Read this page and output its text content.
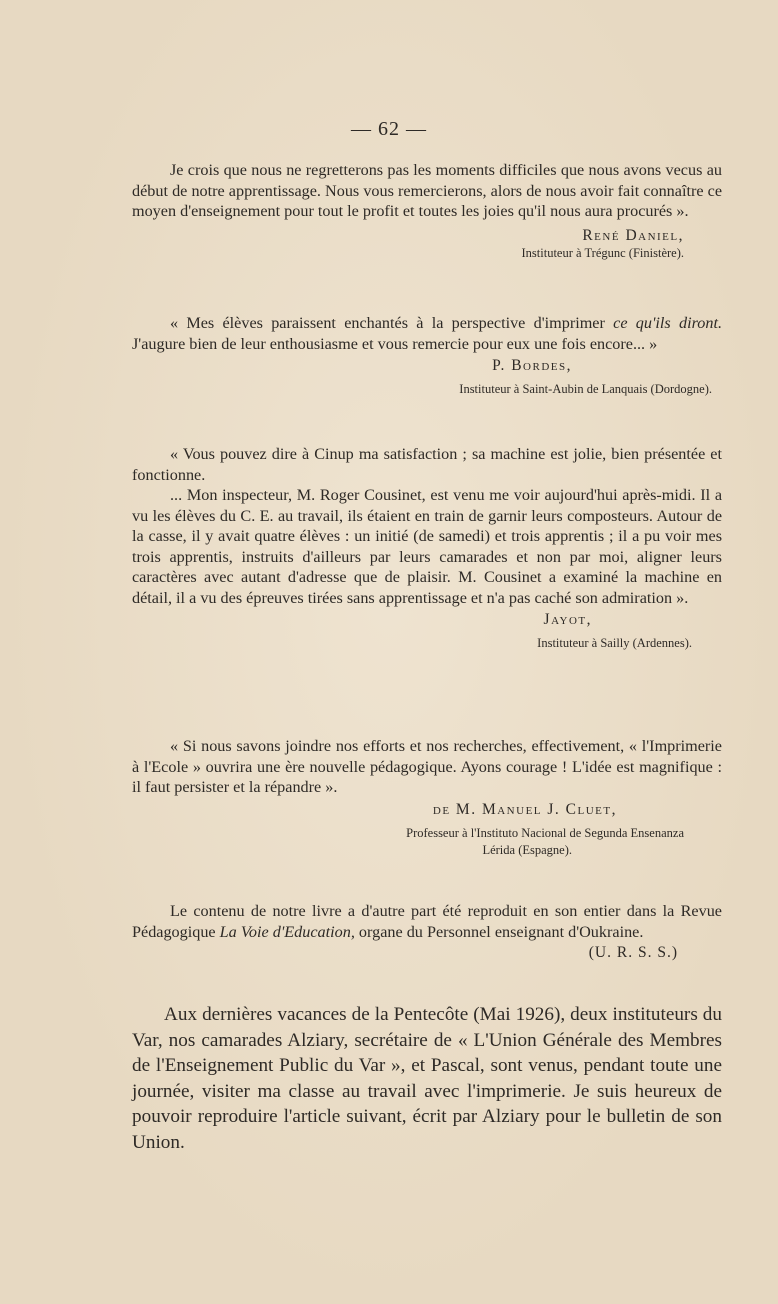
— 62 —

Je crois que nous ne regretterons pas les moments difficiles que nous avons vecus au début de notre apprentissage. Nous vous remercierons, alors de nous avoir fait connaître ce moyen d'enseignement pour tout le profit et toutes les joies qu'il nous aura procurés ».

René Daniel,

Instituteur à Trégunc (Finistère).

« Mes élèves paraissent enchantés à la perspective d'imprimer ce qu'ils diront. J'augure bien de leur enthousiasme et vous remercie pour eux une fois encore... »

P. Bordes,

Instituteur à Saint-Aubin de Lanquais (Dordogne).

« Vous pouvez dire à Cinup ma satisfaction ; sa machine est jolie, bien présentée et fonctionne.

... Mon inspecteur, M. Roger Cousinet, est venu me voir aujourd'hui après-midi. Il a vu les élèves du C. E. au travail, ils étaient en train de garnir leurs composteurs. Autour de la casse, il y avait quatre élèves : un initié (de samedi) et trois apprentis ; il a pu voir mes trois apprentis, instruits d'ailleurs par leurs camarades et non par moi, aligner leurs caractères avec autant d'adresse que de plaisir. M. Cousinet a examiné la machine en détail, il a vu des épreuves tirées sans apprentissage et n'a pas caché son admiration ».

Jayot,

Instituteur à Sailly (Ardennes).

« Si nous savons joindre nos efforts et nos recherches, effectivement, « l'Imprimerie à l'Ecole » ouvrira une ère nouvelle pédagogique. Ayons courage ! L'idée est magnifique : il faut persister et la répandre ».

de M. Manuel J. Cluet,

Professeur à l'Instituto Nacional de Segunda Ensenanza

Lérida (Espagne).

Le contenu de notre livre a d'autre part été reproduit en son entier dans la Revue Pédagogique La Voie d'Education, organe du Personnel enseignant d'Oukraine.

(U. R. S. S.)

Aux dernières vacances de la Pentecôte (Mai 1926), deux instituteurs du Var, nos camarades Alziary, secrétaire de « L'Union Générale des Membres de l'Enseignement Public du Var », et Pascal, sont venus, pendant toute une journée, visiter ma classe au travail avec l'imprimerie. Je suis heureux de pouvoir reproduire l'article suivant, écrit par Alziary pour le bulletin de son Union.
